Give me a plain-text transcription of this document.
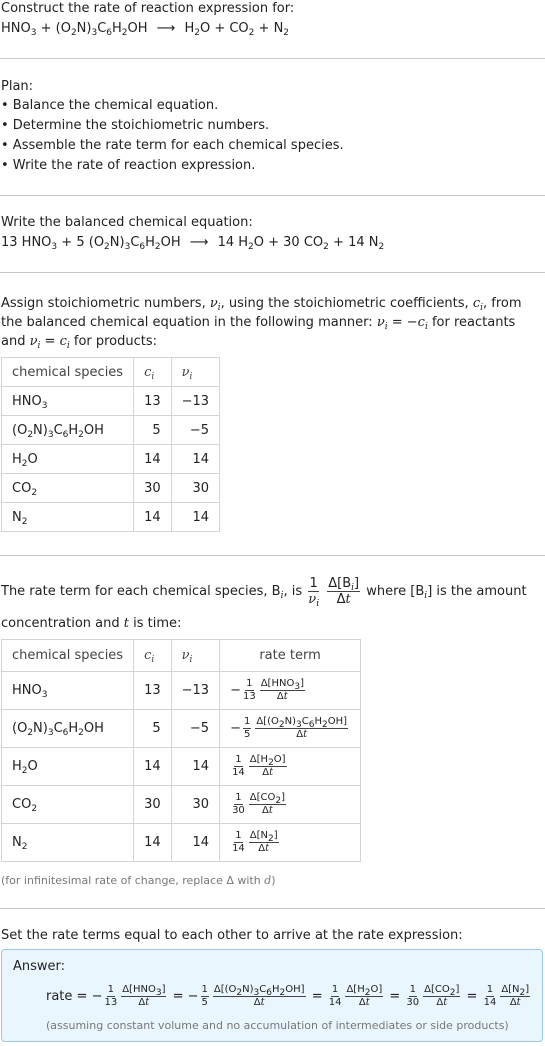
Construct the rate of reaction expression for:
$HNO_3 + (O_2N)_3C_6H_2OH$ ⟶ $H_2O + CO_2 + N_2$
Plan:
• Balance the chemical equation.
• Determine the stoichiometric numbers.
• Assemble the rate term for each chemical species.
• Write the rate of reaction expression.
Write the balanced chemical equation:
13 $HNO_3 + 5$ $(O_2N)_3C_6H_2OH$ ⟶ 14 $H_2O + 30$ $CO_2 + 14$ $N_2$
Assign stoichiometric numbers, $\nu_i$, using the stoichiometric coefficients, $c_i$, from
the balanced chemical equation in the following manner: $\nu_i = -c_i$ for reactants
and $\nu_i = c_i$ for products:
chemical species	$c_i$	$\nu_i$
$HNO_3$	13	−13
$(O_2N)_3C_6H_2OH$	5	−5
$H_2O$	14	14
$CO_2$	30	30
$N_2$	14	14
The rate term for each chemical species, $B_i$, is $\frac{1}{\nu_i}$
$\frac{\Delta[B_i]}{\Delta t}$ where $[B_i]$ is the amount
concentration and t is time:
chemical species	$c_i$	$\nu_i$	rate term
$HNO_3$	13	−13	− $\frac{1}{13} \frac{\Delta[HNO_3]}{\Delta t}$

$(O_2N)_3C_6H_2OH$	5	−5	− $\frac{1}{5} \frac{\Delta[(O_2N)_3C_6H_2OH]}{\Delta t}$

$H_2O$	14	14	$\frac{1}{14} \frac{\Delta[H_2O]}{\Delta t}$

$CO_2$	30	30	$\frac{1}{30} \frac{\Delta[CO_2]}{\Delta t}$

$N_2$	14	14	$\frac{1}{14} \frac{\Delta[N_2]}{\Delta t}$
(for infinitesimal rate of change, replace Δ with d)
Set the rate terms equal to each other to arrive at the rate expression:
Answer:
rate = − $\frac{1}{13} \frac{\Delta[HNO_3]}{\Delta t}$ = − $\frac{1}{5} \frac{\Delta[(O_2N)_3C_6H_2OH]}{\Delta t} = \frac{1}{14} \frac{\Delta[H_2O]}{\Delta t} = \frac{1}{30} \frac{\Delta[CO_2]}{\Delta t} = \frac{1}{14} \frac{\Delta[N_2]}{\Delta t}$
(assuming constant volume and no accumulation of intermediates or side products)
